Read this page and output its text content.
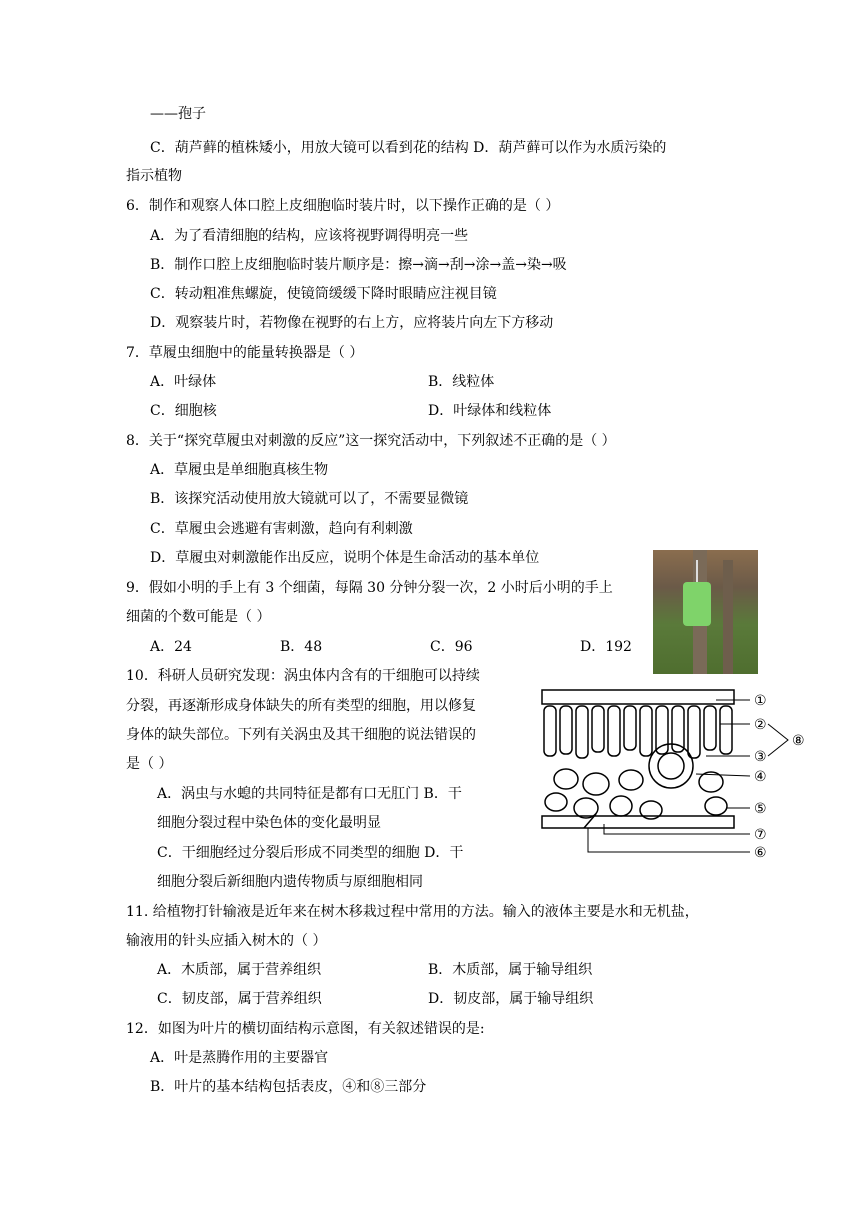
——孢子
C．葫芦藓的植株矮小，用放大镜可以看到花的结构 D．葫芦藓可以作为水质污染的
指示植物
6．制作和观察人体口腔上皮细胞临时装片时，以下操作正确的是（ ）
A．为了看清细胞的结构，应该将视野调得明亮一些
B．制作口腔上皮细胞临时装片顺序是：擦→滴→刮→涂→盖→染→吸
C．转动粗准焦螺旋，使镜筒缓缓下降时眼睛应注视目镜
D．观察装片时，若物像在视野的右上方，应将装片向左下方移动
7．草履虫细胞中的能量转换器是（ ）
A．叶绿体	B．线粒体
C．细胞核	D．叶绿体和线粒体
8．关于“探究草履虫对刺激的反应”这一探究活动中，下列叙述不正确的是（ ）
A．草履虫是单细胞真核生物
B．该探究活动使用放大镜就可以了，不需要显微镜
C．草履虫会逃避有害刺激，趋向有利刺激
D．草履虫对刺激能作出反应，说明个体是生命活动的基本单位
9．假如小明的手上有 3 个细菌，每隔 30 分钟分裂一次，2 小时后小明的手上
细菌的个数可能是（ ）
A．24	B．48	C．96	D．192
10．科研人员研究发现：涡虫体内含有的干细胞可以持续
分裂，再逐渐形成身体缺失的所有类型的细胞，用以修复
身体的缺失部位。下列有关涡虫及其干细胞的说法错误的
是（ ）
A．涡虫与水螅的共同特征是都有口无肛门 B．干
细胞分裂过程中染色体的变化最明显
C．干细胞经过分裂后形成不同类型的细胞 D．干
细胞分裂后新细胞内遗传物质与原细胞相同
①
②
③
④
⑤
⑥
⑦
⑧
11. 给植物打针输液是近年来在树木移栽过程中常用的方法。输入的液体主要是水和无机盐，
输液用的针头应插入树木的（ ）
A．木质部，属于营养组织	B．木质部，属于输导组织
C．韧皮部，属于营养组织	D．韧皮部，属于输导组织
12．如图为叶片的横切面结构示意图，有关叙述错误的是:
A．叶是蒸腾作用的主要器官
B．叶片的基本结构包括表皮，④和⑧三部分
